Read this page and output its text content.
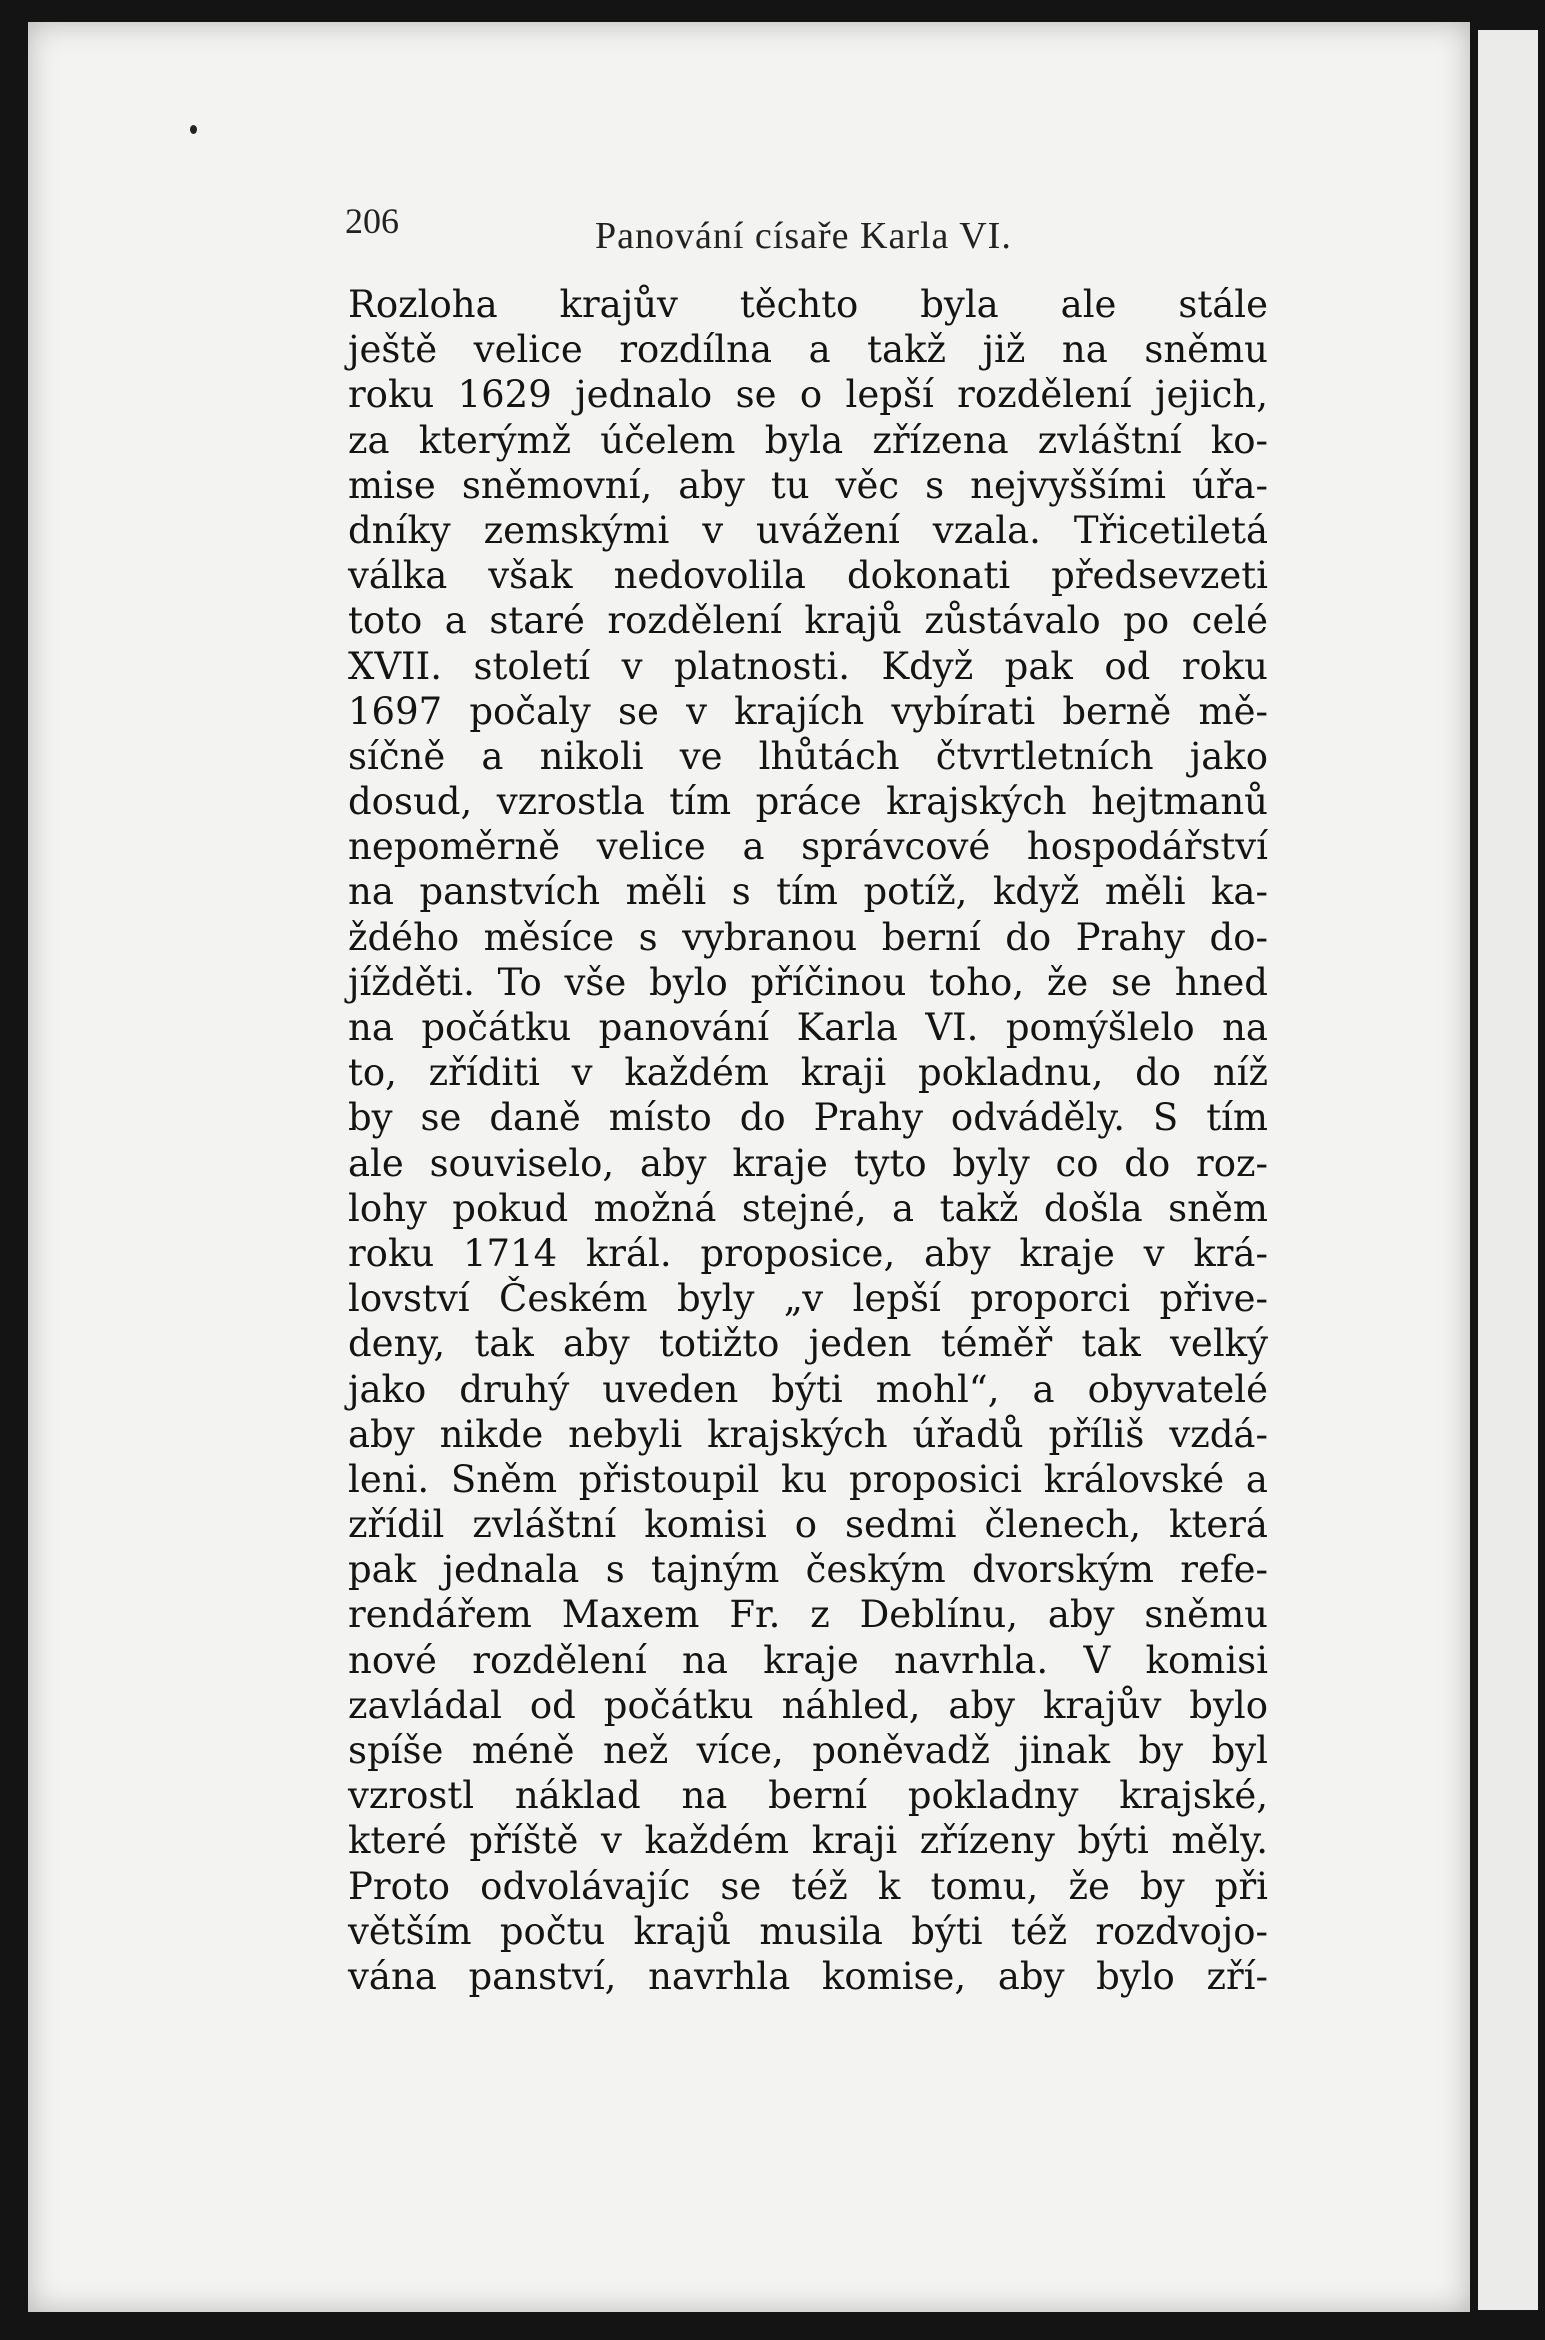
206	Panování císaře Karla VI.
Rozloha krajův těchto byla ale stále
ještě velice rozdílna a takž již na sněmu
roku 1629 jednalo se o lepší rozdělení jejich,
za kterýmž účelem byla zřízena zvláštní ko-
mise sněmovní, aby tu věc s nejvyššími úřa-
dníky zemskými v uvážení vzala. Třicetiletá
válka však nedovolila dokonati předsevzeti
toto a staré rozdělení krajů zůstávalo po celé
XVII. století v platnosti. Když pak od roku
1697 počaly se v krajích vybírati berně mě-
síčně a nikoli ve lhůtách čtvrtletních jako
dosud, vzrostla tím práce krajských hejtmanů
nepoměrně velice a správcové hospodářství
na panstvích měli s tím potíž, když měli ka-
ždého měsíce s vybranou berní do Prahy do-
jížděti. To vše bylo příčinou toho, že se hned
na počátku panování Karla VI. pomýšlelo na
to, zříditi v každém kraji pokladnu, do níž
by se daně místo do Prahy odváděly. S tím
ale souviselo, aby kraje tyto byly co do roz-
lohy pokud možná stejné, a takž došla sněm
roku 1714 král. proposice, aby kraje v krá-
lovství Českém byly „v lepší proporci přive-
deny, tak aby totižto jeden téměř tak velký
jako druhý uveden býti mohl“, a obyvatelé
aby nikde nebyli krajských úřadů příliš vzdá-
leni. Sněm přistoupil ku proposici královské a
zřídil zvláštní komisi o sedmi členech, která
pak jednala s tajným českým dvorským refe-
rendářem Maxem Fr. z Deblínu, aby sněmu
nové rozdělení na kraje navrhla. V komisi
zavládal od počátku náhled, aby krajův bylo
spíše méně než více, poněvadž jinak by byl
vzrostl náklad na berní pokladny krajské,
které příště v každém kraji zřízeny býti měly.
Proto odvolávajíc se též k tomu, že by při
větším počtu krajů musila býti též rozdvojo-
vána panství, navrhla komise, aby bylo zří-
